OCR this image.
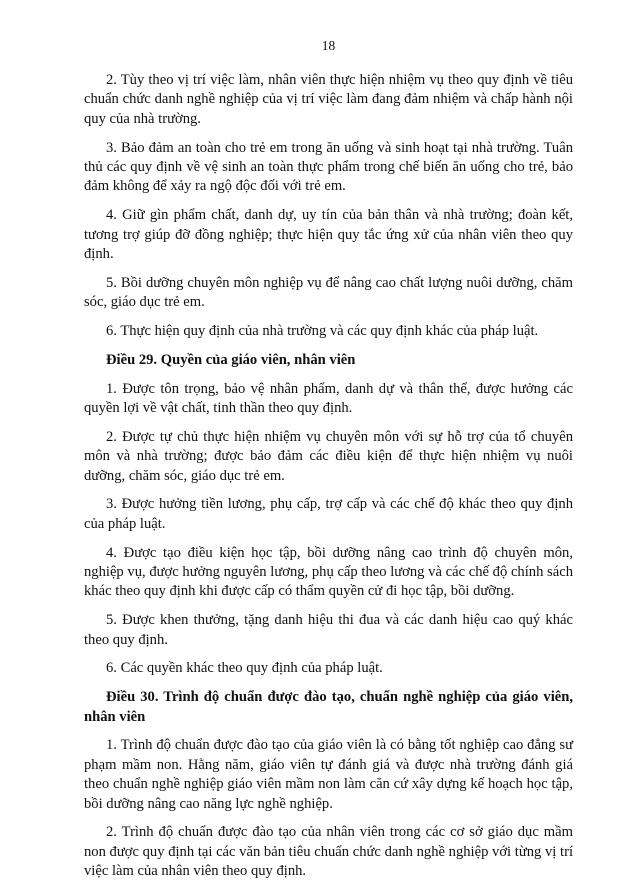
18

2. Tùy theo vị trí việc làm, nhân viên thực hiện nhiệm vụ theo quy định về tiêu chuẩn chức danh nghề nghiệp của vị trí việc làm đang đảm nhiệm và chấp hành nội quy của nhà trường.

3. Bảo đảm an toàn cho trẻ em trong ăn uống và sinh hoạt tại nhà trường. Tuân thủ các quy định về vệ sinh an toàn thực phẩm trong chế biến ăn uống cho trẻ, bảo đảm không để xảy ra ngộ độc đối với trẻ em.

4. Giữ gìn phẩm chất, danh dự, uy tín của bản thân và nhà trường; đoàn kết, tương trợ giúp đỡ đồng nghiệp; thực hiện quy tắc ứng xử của nhân viên theo quy định.

5. Bồi dưỡng chuyên môn nghiệp vụ để nâng cao chất lượng nuôi dưỡng, chăm sóc, giáo dục trẻ em.

6. Thực hiện quy định của nhà trường và các quy định khác của pháp luật.

Điều 29. Quyền của giáo viên, nhân viên

1. Được tôn trọng, bảo vệ nhân phẩm, danh dự và thân thể, được hưởng các quyền lợi về vật chất, tinh thần theo quy định.

2. Được tự chủ thực hiện nhiệm vụ chuyên môn với sự hỗ trợ của tổ chuyên môn và nhà trường; được bảo đảm các điều kiện để thực hiện nhiệm vụ nuôi dưỡng, chăm sóc, giáo dục trẻ em.

3. Được hưởng tiền lương, phụ cấp, trợ cấp và các chế độ khác theo quy định của pháp luật.

4. Được tạo điều kiện học tập, bồi dưỡng nâng cao trình độ chuyên môn, nghiệp vụ, được hưởng nguyên lương, phụ cấp theo lương và các chế độ chính sách khác theo quy định khi được cấp có thẩm quyền cử đi học tập, bồi dưỡng.

5. Được khen thưởng, tặng danh hiệu thi đua và các danh hiệu cao quý khác theo quy định.

6. Các quyền khác theo quy định của pháp luật.

Điều 30. Trình độ chuẩn được đào tạo, chuẩn nghề nghiệp của giáo viên, nhân viên

1. Trình độ chuẩn được đào tạo của giáo viên là có bằng tốt nghiệp cao đẳng sư phạm mầm non. Hằng năm, giáo viên tự đánh giá và được nhà trường đánh giá theo chuẩn nghề nghiệp giáo viên mầm non làm căn cứ xây dựng kế hoạch học tập, bồi dưỡng nâng cao năng lực nghề nghiệp.

2. Trình độ chuẩn được đào tạo của nhân viên trong các cơ sở giáo dục mầm non được quy định tại các văn bản tiêu chuẩn chức danh nghề nghiệp với từng vị trí việc làm của nhân viên theo quy định.
